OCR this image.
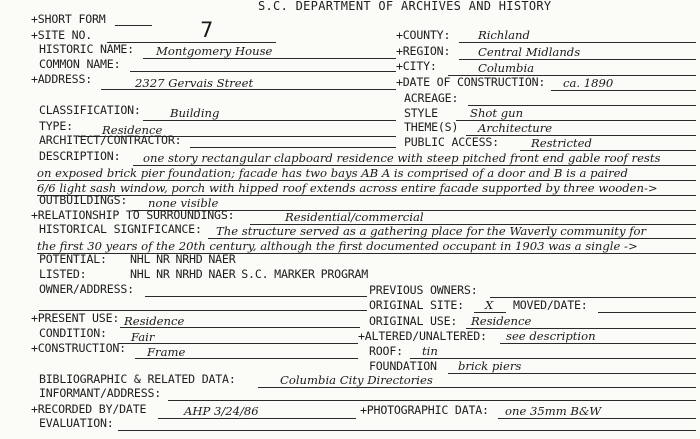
S.C. DEPARTMENT OF ARCHIVES AND HISTORY
+SHORT FORM
+SITE NO.	7	+COUNTY: Richland
HISTORIC NAME: Montgomery House	+REGION: Central Midlands
COMMON NAME:	+CITY:	Columbia
+ADDRESS:	2327 Gervais Street	+DATE OF CONSTRUCTION: ca. 1890
ACREAGE:
CLASSIFICATION:	Building	STYLE	Shot gun
TYPE:	Residence	THEME(S) Architecture
ARCHITECT/CONTRACTOR:	PUBLIC ACCESS:	Restricted
DESCRIPTION: one story rectangular clapboard residence with steep pitched front end gable roof rests
on exposed brick pier foundation; facade has two bays AB A is comprised of a door and B is a paired
6/6 light sash window, porch with hipped roof extends across entire facade supported by three wooden->
OUTBUILDINGS: none visible
+RELATIONSHIP TO SURROUNDINGS:	Residential/commercial
HISTORICAL SIGNIFICANCE: The structure served as a gathering place for the Waverly community for
the first 30 years of the 20th century, although the first documented occupant in 1903 was a single ->
POTENTIAL: NHL NR NRHD NAER
LISTED:	NHL NR NRHD NAER S.C. MARKER PROGRAM
OWNER/ADDRESS:	PREVIOUS OWNERS:
ORIGINAL SITE: X MOVED/DATE:
+PRESENT USE: Residence	ORIGINAL USE: Residence
CONDITION: Fair	+ALTERED/UNALTERED: see description
+CONSTRUCTION: Frame	ROOF: tin
FOUNDATION brick piers
BIBLIOGRAPHIC & RELATED DATA:	Columbia City Directories
INFORMANT/ADDRESS:
+RECORDED BY/DATE	AHP 3/24/86	+PHOTOGRAPHIC DATA: one 35mm B&W
EVALUATION:
